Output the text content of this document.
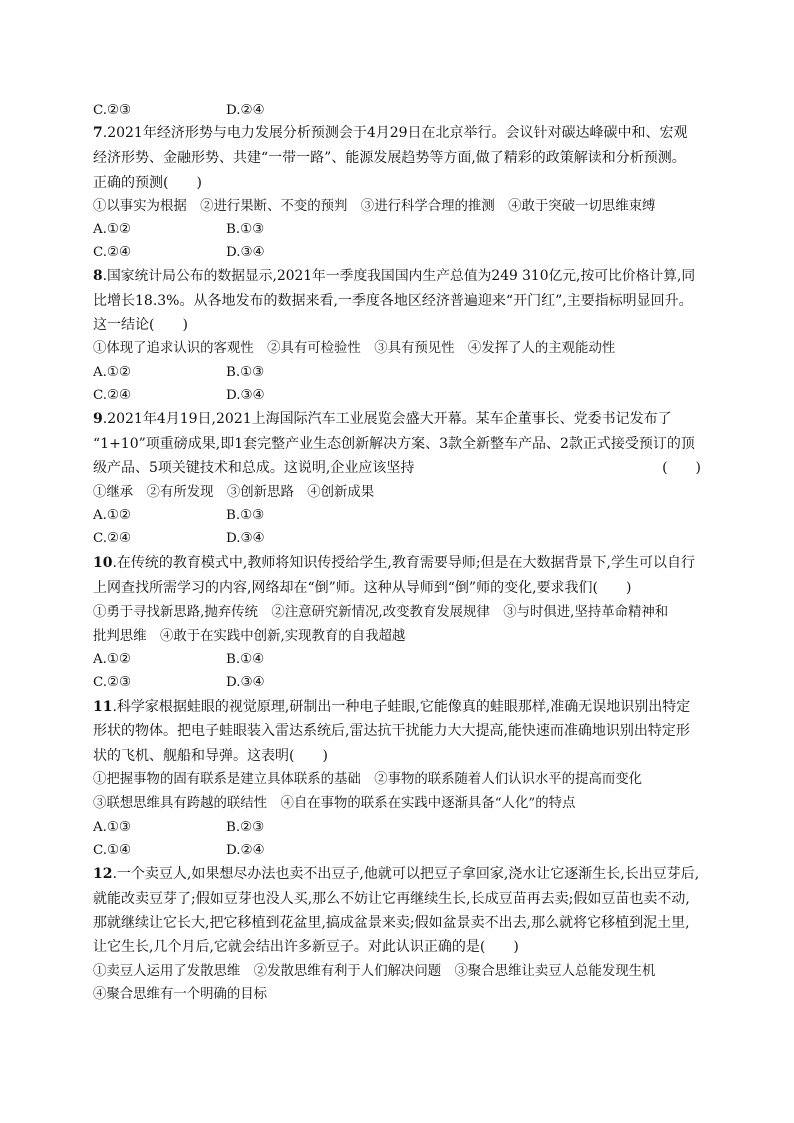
C.②③	D.②④
7.2021年经济形势与电力发展分析预测会于4月29日在北京举行。会议针对碳达峰碳中和、宏观
经济形势、金融形势、共建“一带一路”、能源发展趋势等方面,做了精彩的政策解读和分析预测。
正确的预测(　　)
①以事实为根据　②进行果断、不变的预判　③进行科学合理的推测　④敢于突破一切思维束缚
A.①②	B.①③
C.②④	D.③④
8.国家统计局公布的数据显示,2021年一季度我国国内生产总值为249 310亿元,按可比价格计算,同
比增长18.3%。从各地发布的数据来看,一季度各地区经济普遍迎来“开门红”,主要指标明显回升。
这一结论(　　)
①体现了追求认识的客观性　②具有可检验性　③具有预见性　④发挥了人的主观能动性
A.①②	B.①③
C.②④	D.③④
9.2021年4月19日,2021上海国际汽车工业展览会盛大开幕。某车企董事长、党委书记发布了
“1+10”项重磅成果,即1套完整产业生态创新解决方案、3款全新整车产品、2款正式接受预订的顶
级产品、5项关键技术和总成。这说明,企业应该坚持	(　　)
①继承　②有所发现　③创新思路　④创新成果
A.①②	B.①③
C.②④	D.③④
10.在传统的教育模式中,教师将知识传授给学生,教育需要导师;但是在大数据背景下,学生可以自行
上网查找所需学习的内容,网络却在“倒”师。这种从导师到“倒”师的变化,要求我们(　　)
①勇于寻找新思路,抛弃传统　②注意研究新情况,改变教育发展规律　③与时俱进,坚持革命精神和
批判思维　④敢于在实践中创新,实现教育的自我超越
A.①②	B.①④
C.②③	D.③④
11.科学家根据蛙眼的视觉原理,研制出一种电子蛙眼,它能像真的蛙眼那样,准确无误地识别出特定
形状的物体。把电子蛙眼装入雷达系统后,雷达抗干扰能力大大提高,能快速而准确地识别出特定形
状的飞机、舰船和导弹。这表明(　　)
①把握事物的固有联系是建立具体联系的基础　②事物的联系随着人们认识水平的提高而变化
③联想思维具有跨越的联结性　④自在事物的联系在实践中逐渐具备“人化”的特点
A.①③	B.②③
C.①④	D.②④
12.一个卖豆人,如果想尽办法也卖不出豆子,他就可以把豆子拿回家,浇水让它逐渐生长,长出豆芽后,
就能改卖豆芽了;假如豆芽也没人买,那么不妨让它再继续生长,长成豆苗再去卖;假如豆苗也卖不动,
那就继续让它长大,把它移植到花盆里,搞成盆景来卖;假如盆景卖不出去,那么就将它移植到泥土里,
让它生长,几个月后,它就会结出许多新豆子。对此认识正确的是(　　)
①卖豆人运用了发散思维　②发散思维有利于人们解决问题　③聚合思维让卖豆人总能发现生机
④聚合思维有一个明确的目标
